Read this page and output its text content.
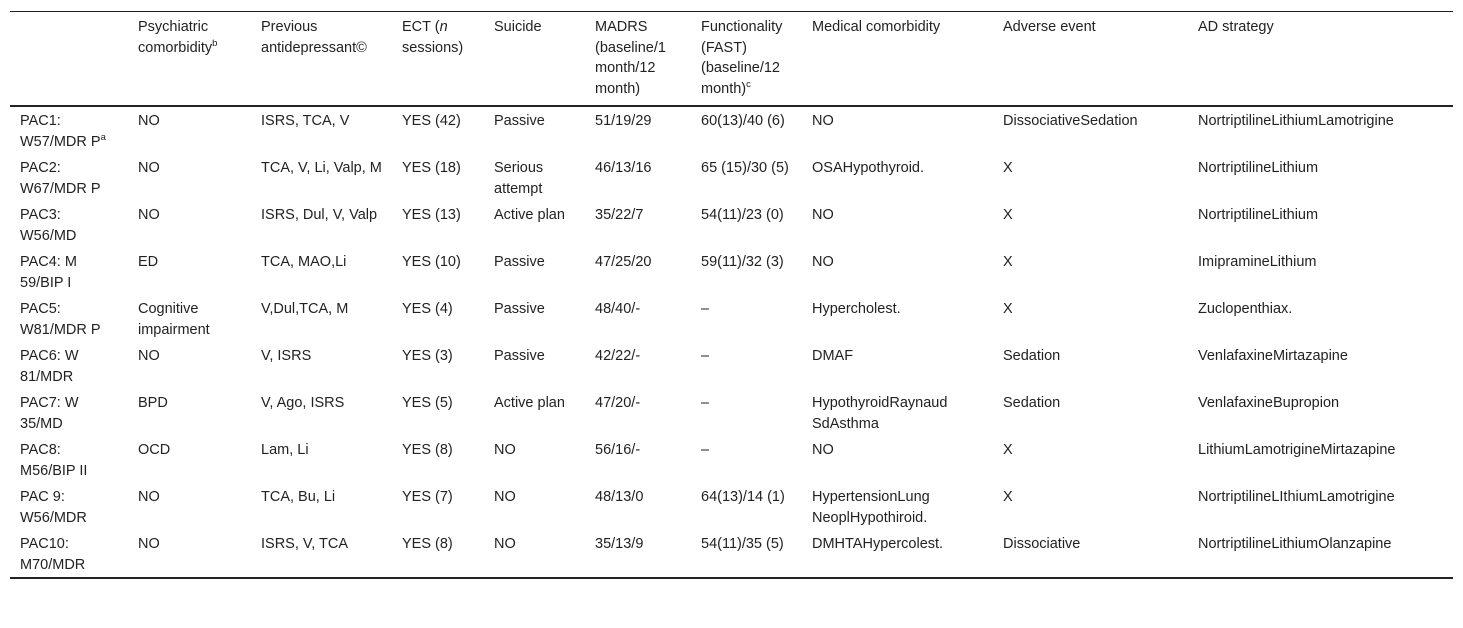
	Psychiatric comorbidity$^b$	Previous antidepressant©	ECT (n sessions)	Suicide	MADRS (baseline/1 month/12 month)	Functionality (FAST) (baseline/12 month)$^c$	Medical comorbidity	Adverse event	AD strategy
PAC1: W57/MDR $P^a$	NO	ISRS, TCA, V	YES (42)	Passive	51/19/29	60(13)/40 (6)	NO	DissociativeSedation	NortriptilineLithiumLamotrigine
PAC2: W67/MDR P	NO	TCA, V, Li, Valp, M	YES (18)	Serious attempt	46/13/16	65 (15)/30 (5)	OSAHypothyroid.	X	NortriptilineLithium
PAC3: W56/MD	NO	ISRS, Dul, V, Valp	YES (13)	Active plan	35/22/7	54(11)/23 (0)	NO	X	NortriptilineLithium
PAC4: M 59/BIP I	ED	TCA, MAO,Li	YES (10)	Passive	47/25/20	59(11)/32 (3)	NO	X	ImipramineLithium
PAC5: W81/MDR P	Cognitive impairment	V,Dul,TCA, M	YES (4)	Passive	48/40/-	–	Hypercholest.	X	Zuclopenthiax.
PAC6: W 81/MDR	NO	V, ISRS	YES (3)	Passive	42/22/-	–	DMAF	Sedation	VenlafaxineMirtazapine
PAC7: W 35/MD	BPD	V, Ago, ISRS	YES (5)	Active plan	47/20/-	–	HypothyroidRaynaud SdAsthma	Sedation	VenlafaxineBupropion
PAC8: M56/BIP II	OCD	Lam, Li	YES (8)	NO	56/16/-	–	NO	X	LithiumLamotrigineMirtazapine
PAC 9: W56/MDR	NO	TCA, Bu, Li	YES (7)	NO	48/13/0	64(13)/14 (1)	HypertensionLung NeoplHypothiroid.	X	NortriptilineLIthiumLamotrigine
PAC10: M70/MDR	NO	ISRS, V, TCA	YES (8)	NO	35/13/9	54(11)/35 (5)	DMHTAHypercolest.	Dissociative	NortriptilineLithiumOlanzapine
